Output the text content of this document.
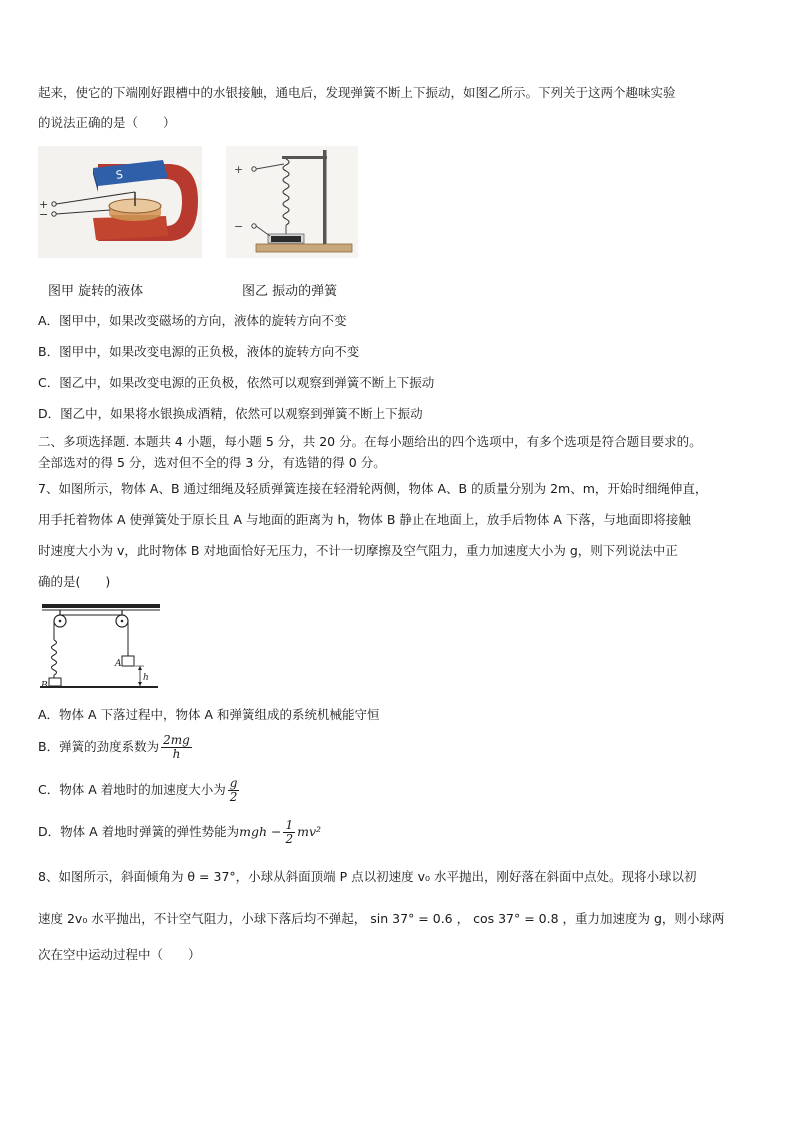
起来，使它的下端刚好跟槽中的水银接触，通电后，发现弹簧不断上下振动，如图乙所示。下列关于这两个趣味实验
的说法正确的是（　　）
+
−
S	+
−
图甲 旋转的液体	图乙 振动的弹簧
A．图甲中，如果改变磁场的方向，液体的旋转方向不变
B．图甲中，如果改变电源的正负极，液体的旋转方向不变
C．图乙中，如果改变电源的正负极，依然可以观察到弹簧不断上下振动
D．图乙中，如果将水银换成酒精，依然可以观察到弹簧不断上下振动
二、多项选择题. 本题共 4 小题，每小题 5 分，共 20 分。在每小题给出的四个选项中，有多个选项是符合题目要求的。
全部选对的得 5 分，选对但不全的得 3 分，有选错的得 0 分。
7、如图所示，物体 A、B 通过细绳及轻质弹簧连接在轻滑轮两侧，物体 A、B 的质量分别为 2m、m，开始时细绳伸直，
用手托着物体 A 使弹簧处于原长且 A 与地面的距离为 h，物体 B 静止在地面上，放手后物体 A 下落，与地面即将接触
时速度大小为 v，此时物体 B 对地面恰好无压力，不计一切摩擦及空气阻力，重力加速度大小为 g，则下列说法中正
确的是(　　)
A
B
h
A．物体 A 下落过程中，物体 A 和弹簧组成的系统机械能守恒
B．弹簧的劲度系数为 $\frac{2mg}{h}$
C．物体 A 着地时的加速度大小为 $\frac{g}{2}$
D．物体 A 着地时弹簧的弹性势能为mgh − $\frac{1}{2} mv^2$
8、如图所示，斜面倾角为 θ = 37°，小球从斜面顶端 P 点以初速度 v₀ 水平抛出，刚好落在斜面中点处。现将小球以初
速度 2v₀ 水平抛出，不计空气阻力，小球下落后均不弹起， sin 37° = 0.6 ， cos 37° = 0.8 ，重力加速度为 g，则小球两
次在空中运动过程中（　　）
